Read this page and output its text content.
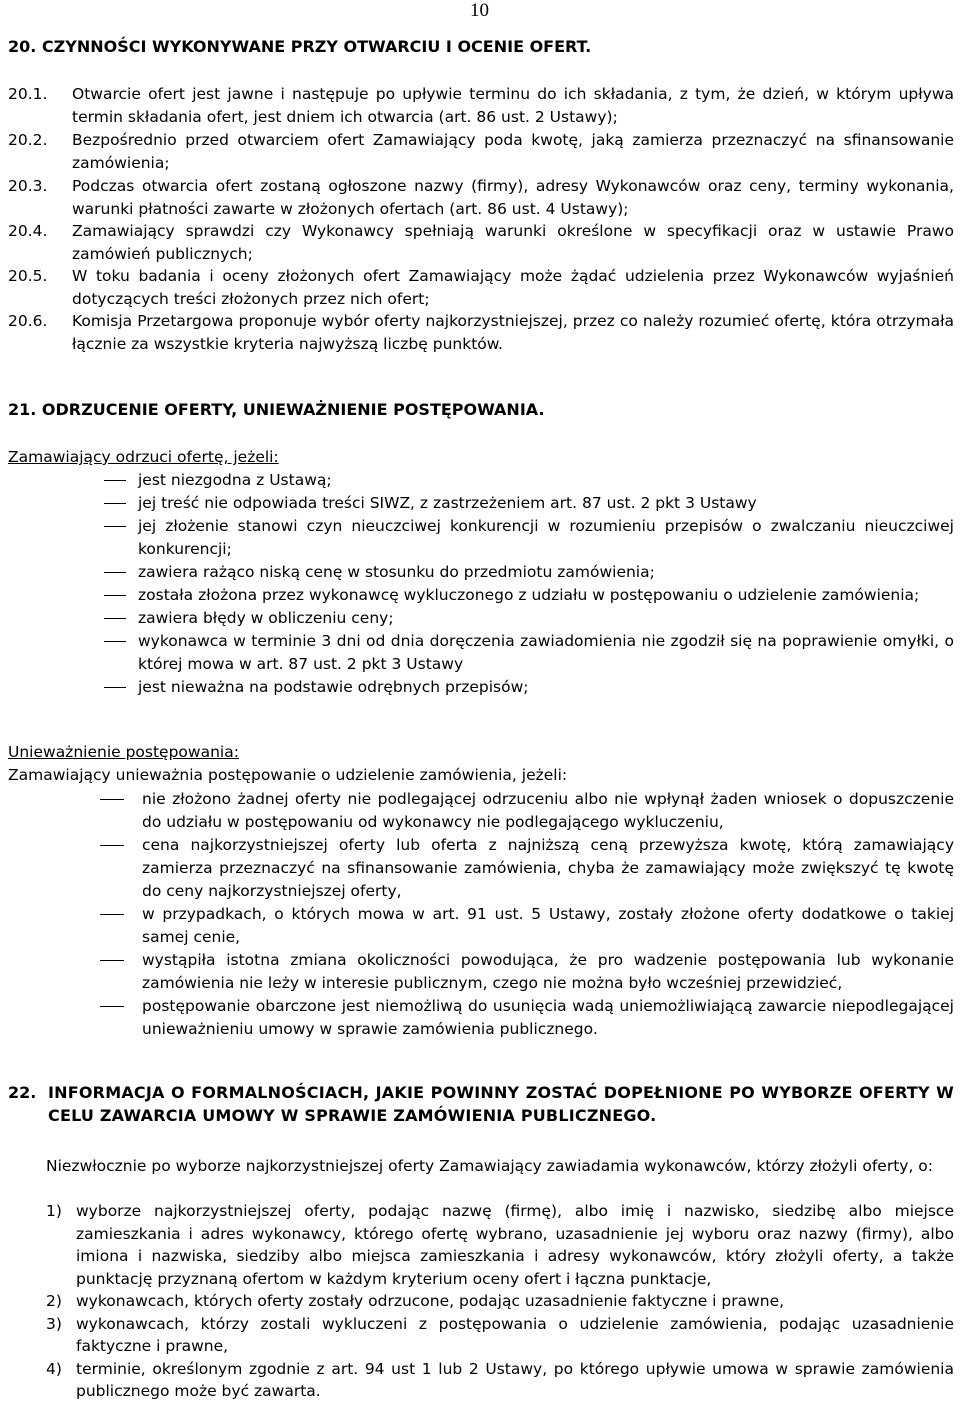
10
20. CZYNNOŚCI WYKONYWANE PRZY OTWARCIU I OCENIE OFERT.
20.1. Otwarcie ofert jest jawne i następuje po upływie terminu do ich składania, z tym, że dzień, w którym upływa termin składania ofert, jest dniem ich otwarcia (art. 86 ust. 2 Ustawy);
20.2. Bezpośrednio przed otwarciem ofert Zamawiający poda kwotę, jaką zamierza przeznaczyć na sfinansowanie zamówienia;
20.3. Podczas otwarcia ofert zostaną ogłoszone nazwy (firmy), adresy Wykonawców oraz ceny, terminy wykonania, warunki płatności zawarte w złożonych ofertach (art. 86 ust. 4 Ustawy);
20.4. Zamawiający sprawdzi czy Wykonawcy spełniają warunki określone w specyfikacji oraz w ustawie Prawo zamówień publicznych;
20.5. W toku badania i oceny złożonych ofert Zamawiający może żądać udzielenia przez Wykonawców wyjaśnień dotyczących treści złożonych przez nich ofert;
20.6. Komisja Przetargowa proponuje wybór oferty najkorzystniejszej, przez co należy rozumieć ofertę, która otrzymała łącznie za wszystkie kryteria najwyższą liczbę punktów.
21. ODRZUCENIE OFERTY, UNIEWAŻNIENIE POSTĘPOWANIA.
Zamawiający odrzuci ofertę, jeżeli:
jest niezgodna z Ustawą;
jej treść nie odpowiada treści SIWZ, z zastrzeżeniem art. 87 ust. 2 pkt 3 Ustawy
jej złożenie stanowi czyn nieuczciwej konkurencji w rozumieniu przepisów o zwalczaniu nieuczciwej konkurencji;
zawiera rażąco niską cenę w stosunku do przedmiotu zamówienia;
została złożona przez wykonawcę wykluczonego z udziału w postępowaniu o udzielenie zamówienia;
zawiera błędy w obliczeniu ceny;
wykonawca w terminie 3 dni od dnia doręczenia zawiadomienia nie zgodził się na poprawienie omyłki, o której mowa w art. 87 ust. 2 pkt 3 Ustawy
jest nieważna na podstawie odrębnych przepisów;
Unieważnienie postępowania:
Zamawiający unieważnia postępowanie o udzielenie zamówienia, jeżeli:
nie złożono żadnej oferty nie podlegającej odrzuceniu albo nie wpłynął żaden wniosek o dopuszczenie do udziału w postępowaniu od wykonawcy nie podlegającego wykluczeniu,
cena najkorzystniejszej oferty lub oferta z najniższą ceną przewyższa kwotę, którą zamawiający zamierza przeznaczyć na sfinansowanie zamówienia, chyba że zamawiający może zwiększyć tę kwotę do ceny najkorzystniejszej oferty,
w przypadkach, o których mowa w art. 91 ust. 5 Ustawy, zostały złożone oferty dodatkowe o takiej samej cenie,
wystąpiła istotna zmiana okoliczności powodująca, że pro wadzenie postępowania lub wykonanie zamówienia nie leży w interesie publicznym, czego nie można było wcześniej przewidzieć,
postępowanie obarczone jest niemożliwą do usunięcia wadą uniemożliwiającą zawarcie niepodlegającej unieważnieniu umowy w sprawie zamówienia publicznego.
22. INFORMACJA O FORMALNOŚCIACH, JAKIE POWINNY ZOSTAĆ DOPEŁNIONE PO WYBORZE OFERTY W CELU ZAWARCIA UMOWY W SPRAWIE ZAMÓWIENIA PUBLICZNEGO.
Niezwłocznie po wyborze najkorzystniejszej oferty Zamawiający zawiadamia wykonawców, którzy złożyli oferty, o:
1) wyborze najkorzystniejszej oferty, podając nazwę (firmę), albo imię i nazwisko, siedzibę albo miejsce zamieszkania i adres wykonawcy, którego ofertę wybrano, uzasadnienie jej wyboru oraz nazwy (firmy), albo imiona i nazwiska, siedziby albo miejsca zamieszkania i adresy wykonawców, który złożyli oferty, a także punktację przyznaną ofertom w każdym kryterium oceny ofert i łączna punktacje,
2) wykonawcach, których oferty zostały odrzucone, podając uzasadnienie faktyczne i prawne,
3) wykonawcach, którzy zostali wykluczeni z postępowania o udzielenie zamówienia, podając uzasadnienie faktyczne i prawne,
4) terminie, określonym zgodnie z art. 94 ust 1 lub 2 Ustawy, po którego upływie umowa w sprawie zamówienia publicznego może być zawarta.
